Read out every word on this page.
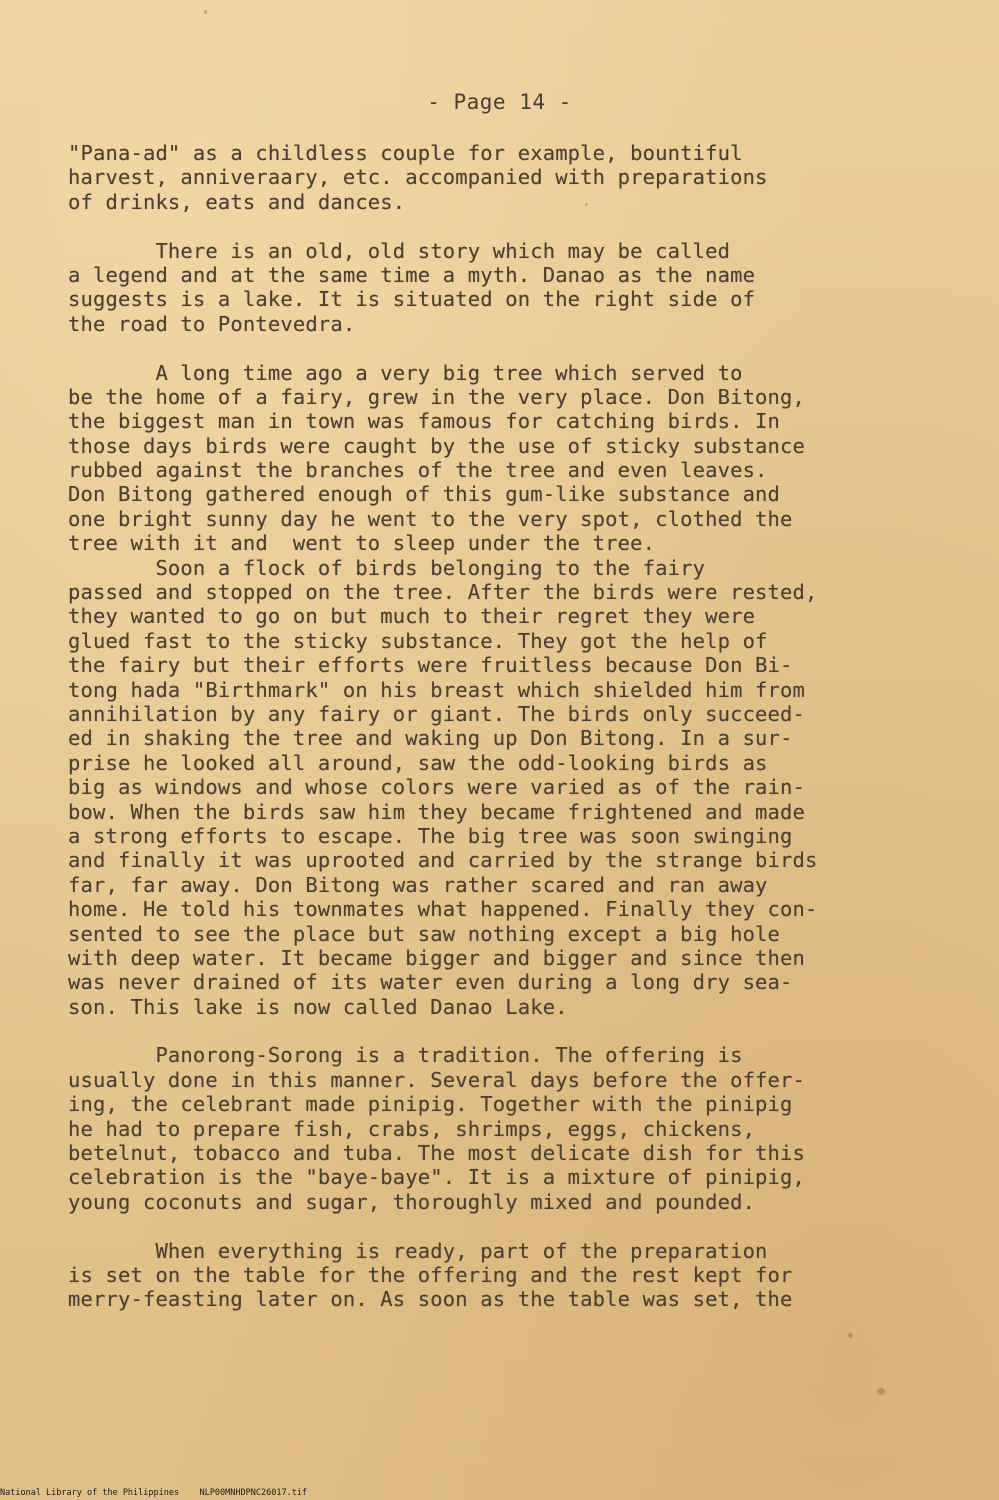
- Page 14 -
"Pana-ad" as a childless couple for example, bountiful
harvest, anniveraary, etc. accompanied with preparations
of drinks, eats and dances.
There is an old, old story which may be called
a legend and at the same time a myth. Danao as the name
suggests is a lake. It is situated on the right side of
the road to Pontevedra.
A long time ago a very big tree which served to
be the home of a fairy, grew in the very place. Don Bitong,
the biggest man in town was famous for catching birds. In
those days birds were caught by the use of sticky substance
rubbed against the branches of the tree and even leaves.
Don Bitong gathered enough of this gum-like substance and
one bright sunny day he went to the very spot, clothed the
tree with it and  went to sleep under the tree.
Soon a flock of birds belonging to the fairy
passed and stopped on the tree. After the birds were rested,
they wanted to go on but much to their regret they were
glued fast to the sticky substance. They got the help of
the fairy but their efforts were fruitless because Don Bi-
tong hada "Birthmark" on his breast which shielded him from
annihilation by any fairy or giant. The birds only succeed-
ed in shaking the tree and waking up Don Bitong. In a sur-
prise he looked all around, saw the odd-looking birds as
big as windows and whose colors were varied as of the rain-
bow. When the birds saw him they became frightened and made
a strong efforts to escape. The big tree was soon swinging
and finally it was uprooted and carried by the strange birds
far, far away. Don Bitong was rather scared and ran away
home. He told his townmates what happened. Finally they con-
sented to see the place but saw nothing except a big hole
with deep water. It became bigger and bigger and since then
was never drained of its water even during a long dry sea-
son. This lake is now called Danao Lake.
Panorong-Sorong is a tradition. The offering is
usually done in this manner. Several days before the offer-
ing, the celebrant made pinipig. Together with the pinipig
he had to prepare fish, crabs, shrimps, eggs, chickens,
betelnut, tobacco and tuba. The most delicate dish for this
celebration is the "baye-baye". It is a mixture of pinipig,
young coconuts and sugar, thoroughly mixed and pounded.
When everything is ready, part of the preparation
is set on the table for the offering and the rest kept for
merry-feasting later on. As soon as the table was set, the
National Library of the Philippines    NLP00MNHDPNC26017.tif
